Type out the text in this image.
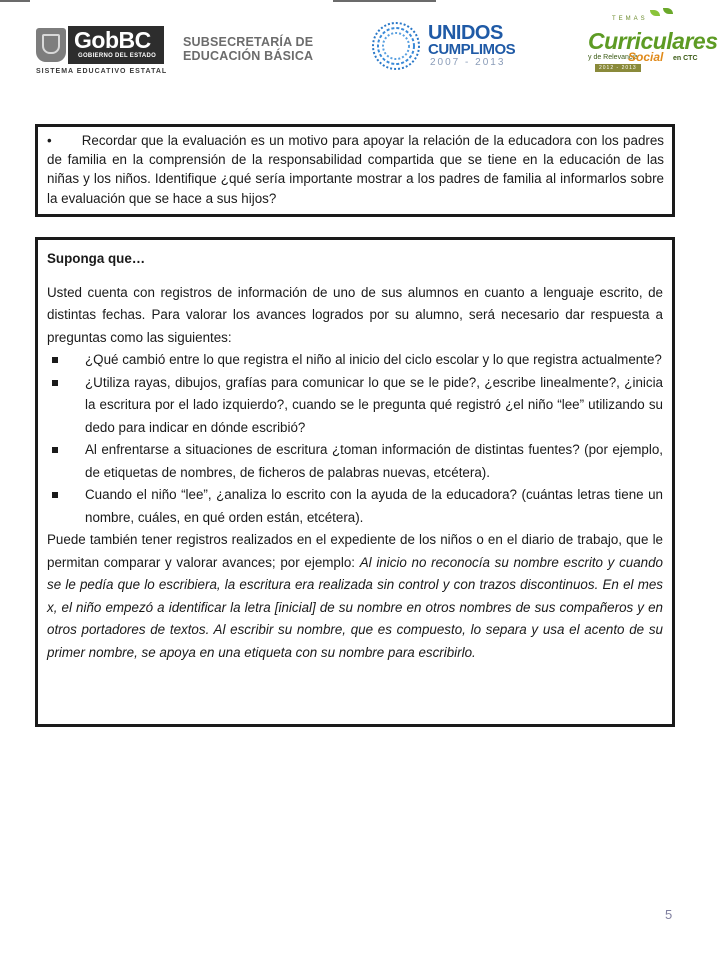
GobBC
GOBIERNO DEL ESTADO
SISTEMA EDUCATIVO ESTATAL
SUBSECRETARÍA DE
EDUCACIÓN BÁSICA
UNIDOS
CUMPLIMOS
2007 - 2013
TEMAS
Curriculares
y de Relevancia
Social en CTC
2012 - 2013

• Recordar que la evaluación es un motivo para apoyar la relación de la educadora con los padres de familia en la comprensión de la responsabilidad compartida que se tiene en la educación de las niñas y los niños. Identifique ¿qué sería importante mostrar a los padres de familia al informarlos sobre la evaluación que se hace a sus hijos?

Suponga que…

Usted cuenta con registros de información de uno de sus alumnos en cuanto a lenguaje escrito, de distintas fechas. Para valorar los avances logrados por su alumno, será necesario dar respuesta a preguntas como las siguientes:

¿Qué cambió entre lo que registra el niño al inicio del ciclo escolar y lo que registra actualmente?
¿Utiliza rayas, dibujos, grafías para comunicar lo que se le pide?, ¿escribe linealmente?, ¿inicia la escritura por el lado izquierdo?, cuando se le pregunta qué registró ¿el niño “lee” utilizando su dedo para indicar en dónde escribió?
Al enfrentarse a situaciones de escritura ¿toman información de distintas fuentes? (por ejemplo, de etiquetas de nombres, de ficheros de palabras nuevas, etcétera).
Cuando el niño “lee”, ¿analiza lo escrito con la ayuda de la educadora? (cuántas letras tiene un nombre, cuáles, en qué orden están, etcétera).

Puede también tener registros realizados en el expediente de los niños o en el diario de trabajo, que le permitan comparar y valorar avances; por ejemplo: Al inicio no reconocía su nombre escrito y cuando se le pedía que lo escribiera, la escritura era realizada sin control y con trazos discontinuos. En el mes x, el niño empezó a identificar la letra [inicial] de su nombre en otros nombres de sus compañeros y en otros portadores de textos. Al escribir su nombre, que es compuesto, lo separa y usa el acento de su primer nombre, se apoya en una etiqueta con su nombre para escribirlo.

5
